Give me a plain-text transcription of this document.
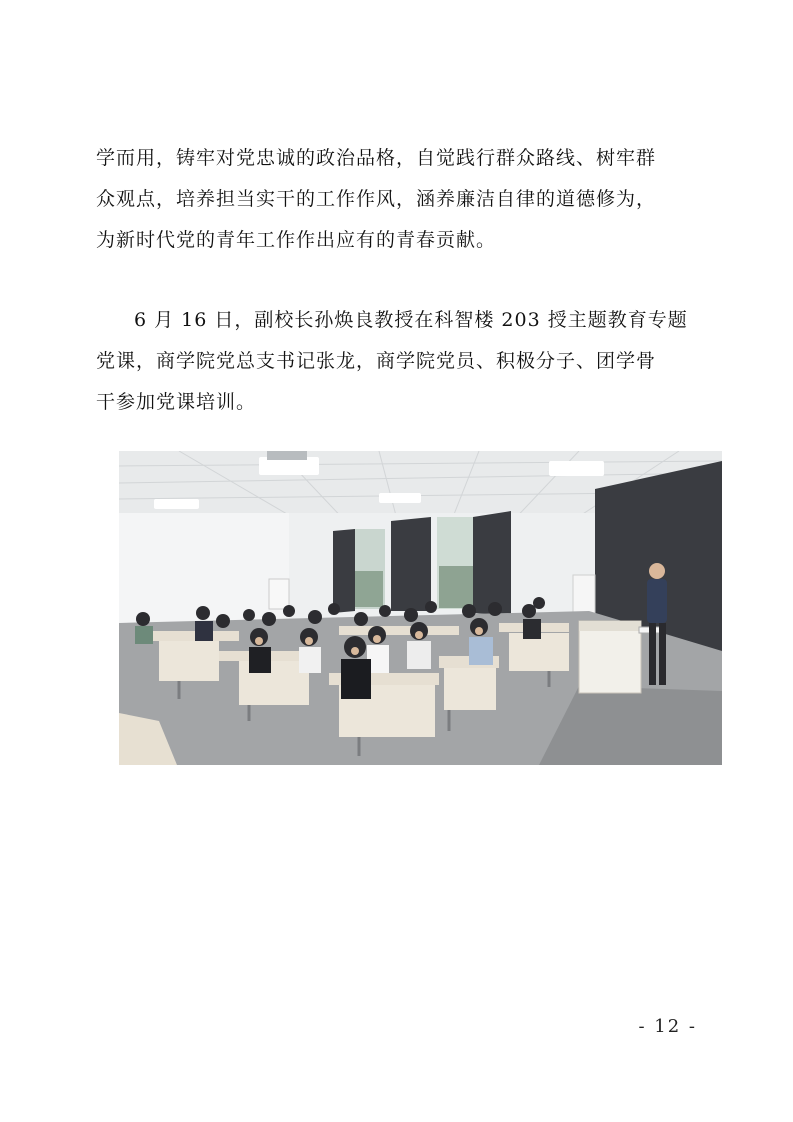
学而用，铸牢对党忠诚的政治品格，自觉践行群众路线、树牢群
众观点，培养担当实干的工作作风，涵养廉洁自律的道德修为，
为新时代党的青年工作作出应有的青春贡献。

6 月 16 日，副校长孙焕良教授在科智楼 203 授主题教育专题
党课，商学院党总支书记张龙，商学院党员、积极分子、团学骨
干参加党课培训。

- 12 -
